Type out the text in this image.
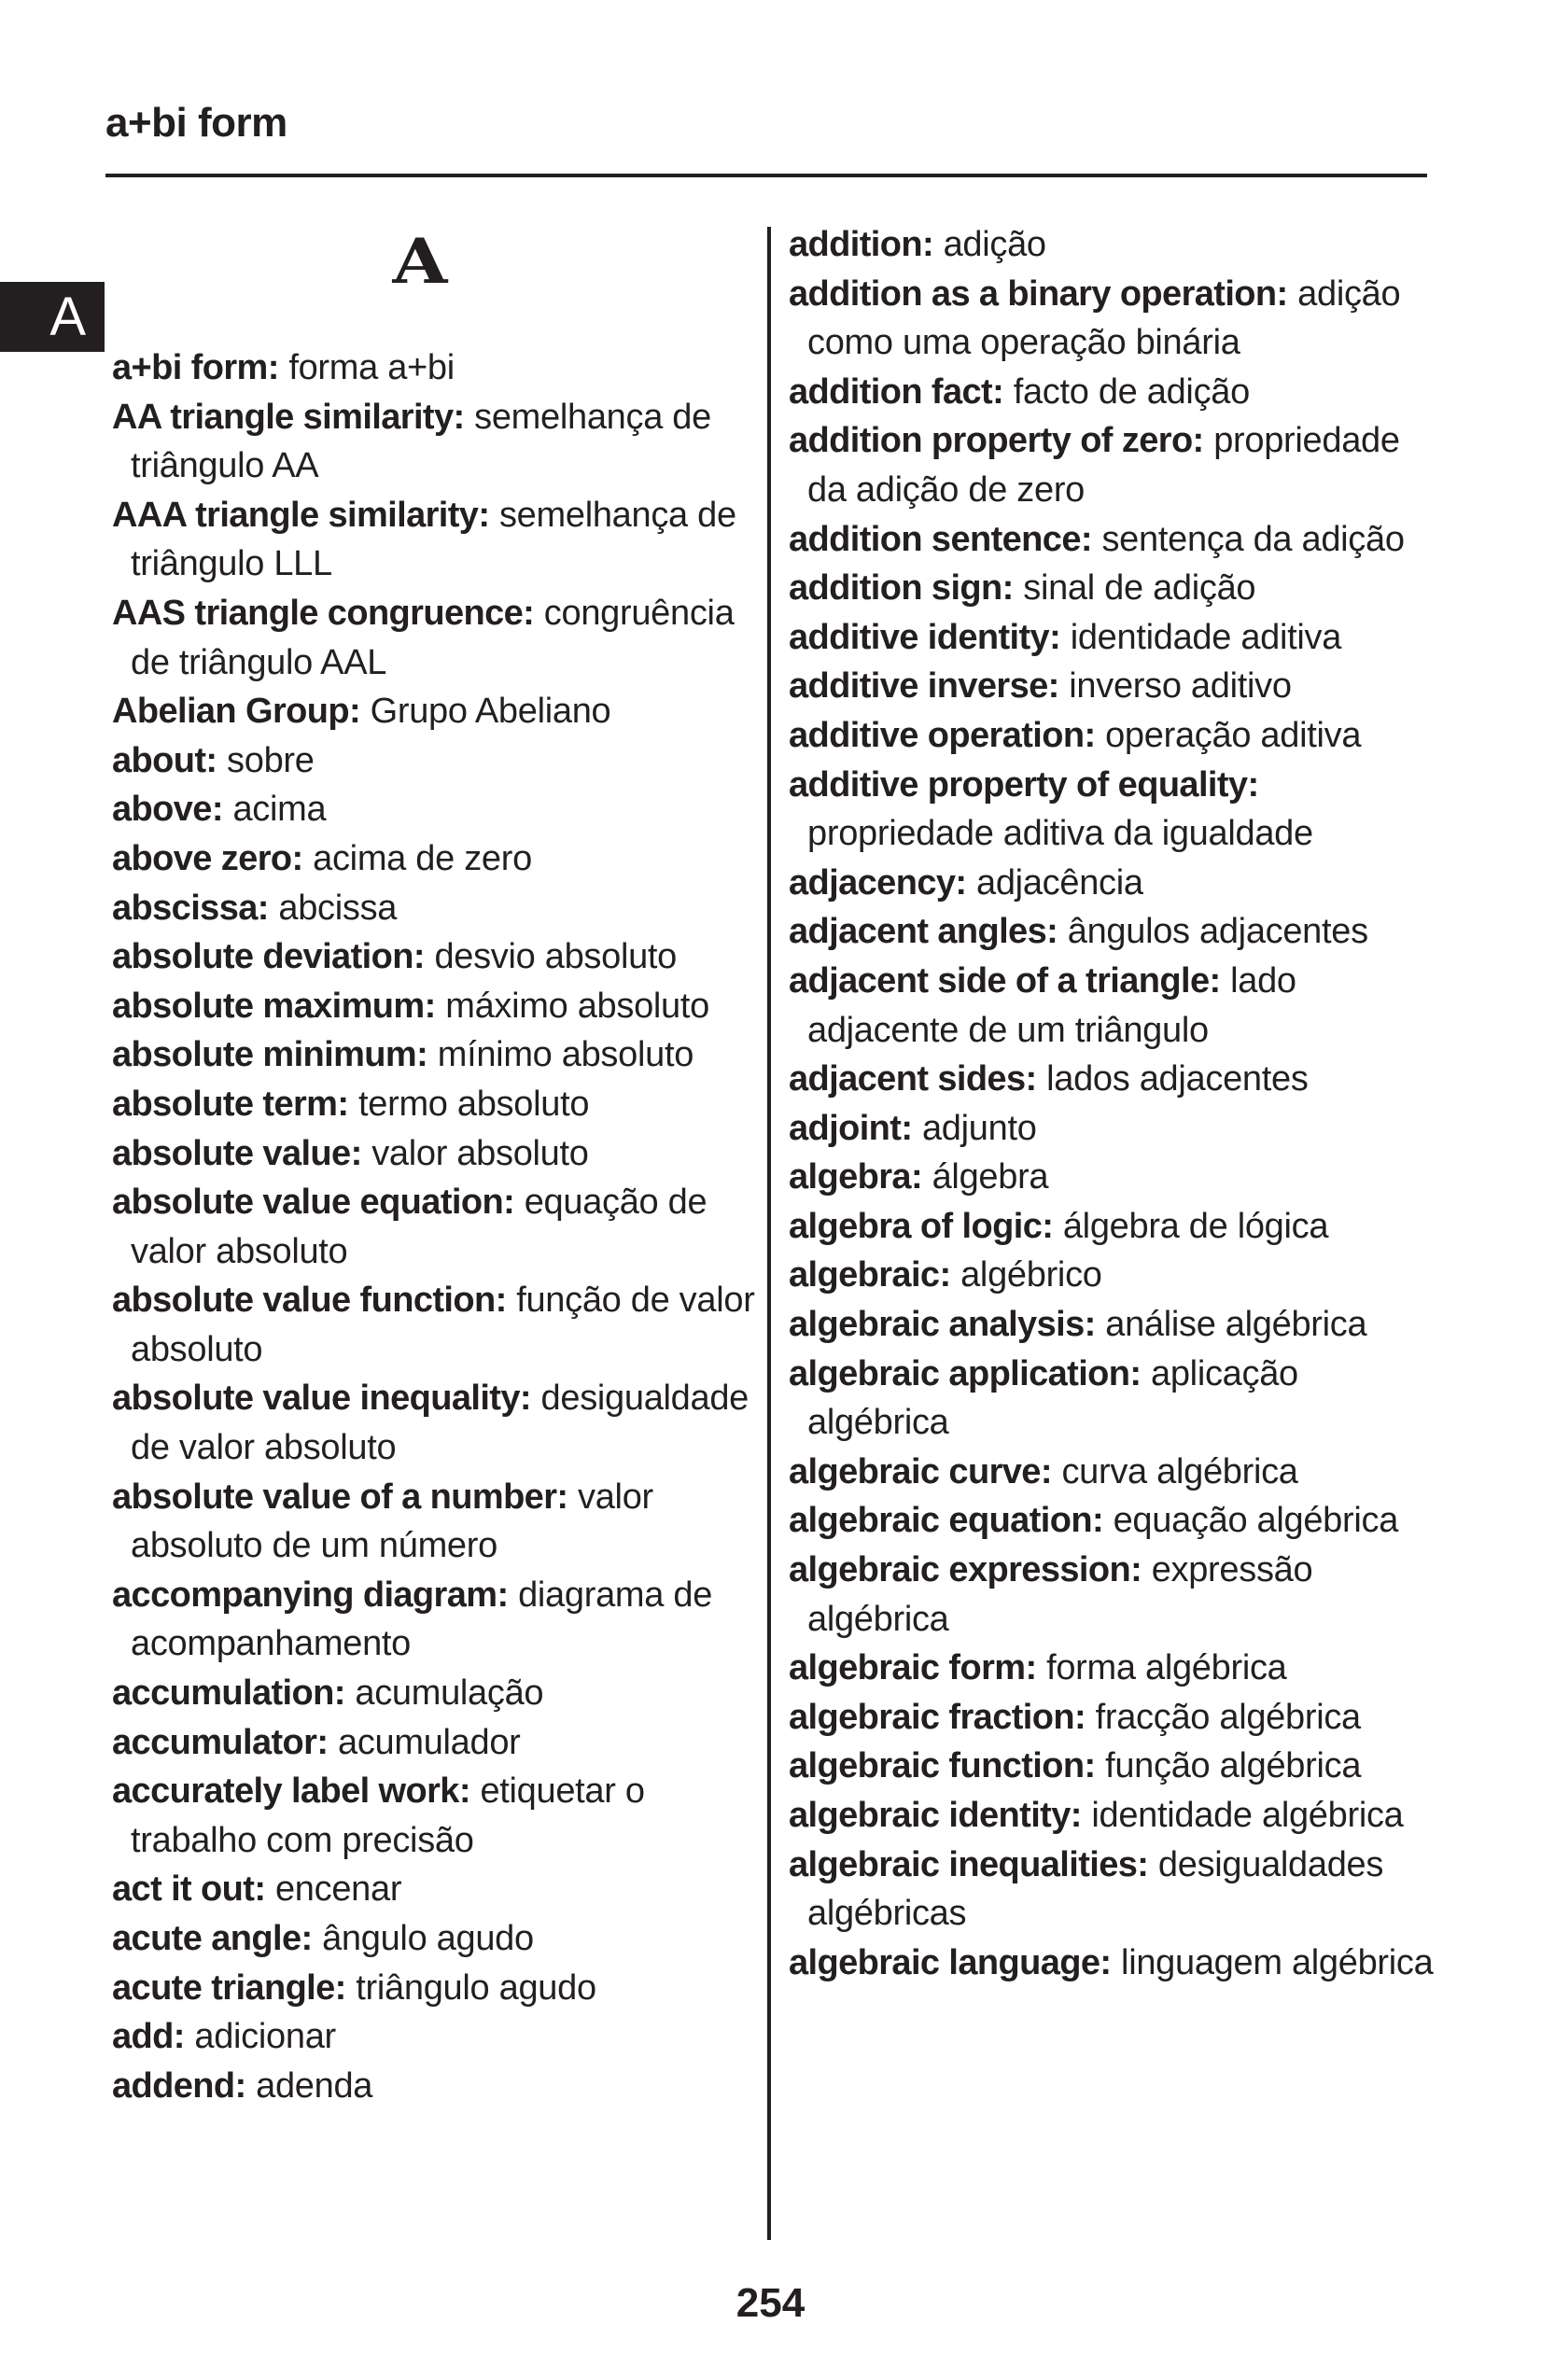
a+bi form
A
A
a+bi form: forma a+bi
AA triangle similarity: semelhança de triângulo AA
AAA triangle similarity: semelhança de triângulo LLL
AAS triangle congruence: congruência de triângulo AAL
Abelian Group: Grupo Abeliano
about: sobre
above: acima
above zero: acima de zero
abscissa: abcissa
absolute deviation: desvio absoluto
absolute maximum: máximo absoluto
absolute minimum: mínimo absoluto
absolute term: termo absoluto
absolute value: valor absoluto
absolute value equation: equação de valor absoluto
absolute value function: função de valor absoluto
absolute value inequality: desigualdade de valor absoluto
absolute value of a number: valor absoluto de um número
accompanying diagram: diagrama de acompanhamento
accumulation: acumulação
accumulator: acumulador
accurately label work: etiquetar o trabalho com precisão
act it out: encenar
acute angle: ângulo agudo
acute triangle: triângulo agudo
add: adicionar
addend: adenda
addition: adição
addition as a binary operation: adição como uma operação binária
addition fact: facto de adição
addition property of zero: propriedade da adição de zero
addition sentence: sentença da adição
addition sign: sinal de adição
additive identity: identidade aditiva
additive inverse: inverso aditivo
additive operation: operação aditiva
additive property of equality: propriedade aditiva da igualdade
adjacency: adjacência
adjacent angles: ângulos adjacentes
adjacent side of a triangle: lado adjacente de um triângulo
adjacent sides: lados adjacentes
adjoint: adjunto
algebra: álgebra
algebra of logic: álgebra de lógica
algebraic: algébrico
algebraic analysis: análise algébrica
algebraic application: aplicação algébrica
algebraic curve: curva algébrica
algebraic equation: equação algébrica
algebraic expression: expressão algébrica
algebraic form: forma algébrica
algebraic fraction: fracção algébrica
algebraic function: função algébrica
algebraic identity: identidade algébrica
algebraic inequalities: desigualdades algébricas
algebraic language: linguagem algébrica
254
